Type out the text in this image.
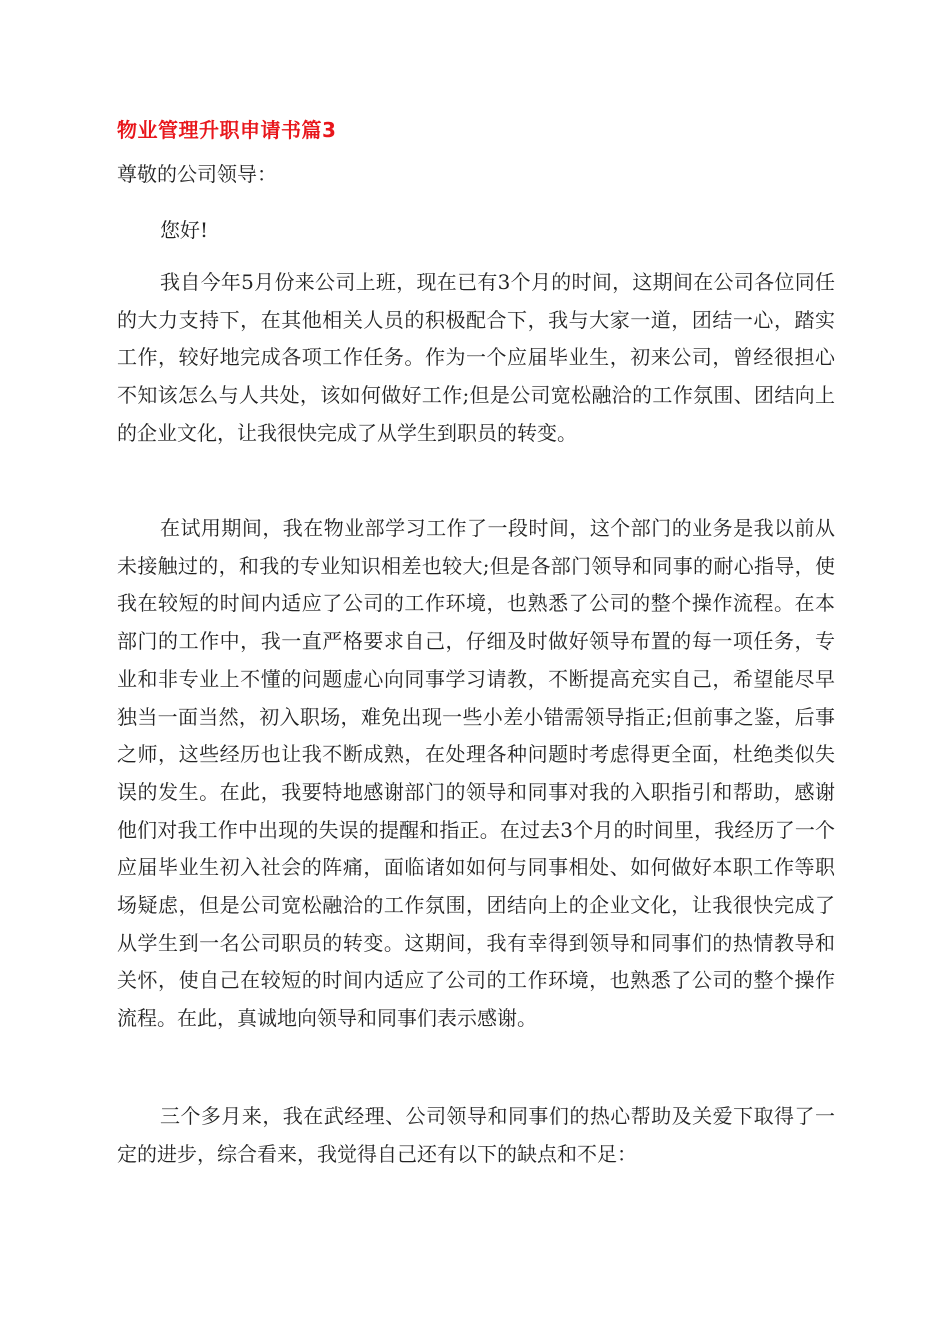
物业管理升职申请书篇3
尊敬的公司领导：
您好!

我自今年5月份来公司上班，现在已有3个月的时间，这期间在公司各位同任的大力支持下，在其他相关人员的积极配合下，我与大家一道，团结一心，踏实工作，较好地完成各项工作任务。作为一个应届毕业生，初来公司，曾经很担心不知该怎么与人共处，该如何做好工作;但是公司宽松融洽的工作氛围、团结向上的企业文化，让我很快完成了从学生到职员的转变。

在试用期间，我在物业部学习工作了一段时间，这个部门的业务是我以前从未接触过的，和我的专业知识相差也较大;但是各部门领导和同事的耐心指导，使我在较短的时间内适应了公司的工作环境，也熟悉了公司的整个操作流程。在本部门的工作中，我一直严格要求自己，仔细及时做好领导布置的每一项任务，专业和非专业上不懂的问题虚心向同事学习请教，不断提高充实自己，希望能尽早独当一面当然，初入职场，难免出现一些小差小错需领导指正;但前事之鉴，后事之师，这些经历也让我不断成熟，在处理各种问题时考虑得更全面，杜绝类似失误的发生。在此，我要特地感谢部门的领导和同事对我的入职指引和帮助，感谢他们对我工作中出现的失误的提醒和指正。在过去3个月的时间里，我经历了一个应届毕业生初入社会的阵痛，面临诸如如何与同事相处、如何做好本职工作等职场疑虑，但是公司宽松融洽的工作氛围，团结向上的企业文化，让我很快完成了从学生到一名公司职员的转变。这期间，我有幸得到领导和同事们的热情教导和关怀，使自己在较短的时间内适应了公司的工作环境，也熟悉了公司的整个操作流程。在此，真诚地向领导和同事们表示感谢。

三个多月来，我在武经理、公司领导和同事们的热心帮助及关爱下取得了一定的进步，综合看来，我觉得自己还有以下的缺点和不足：
